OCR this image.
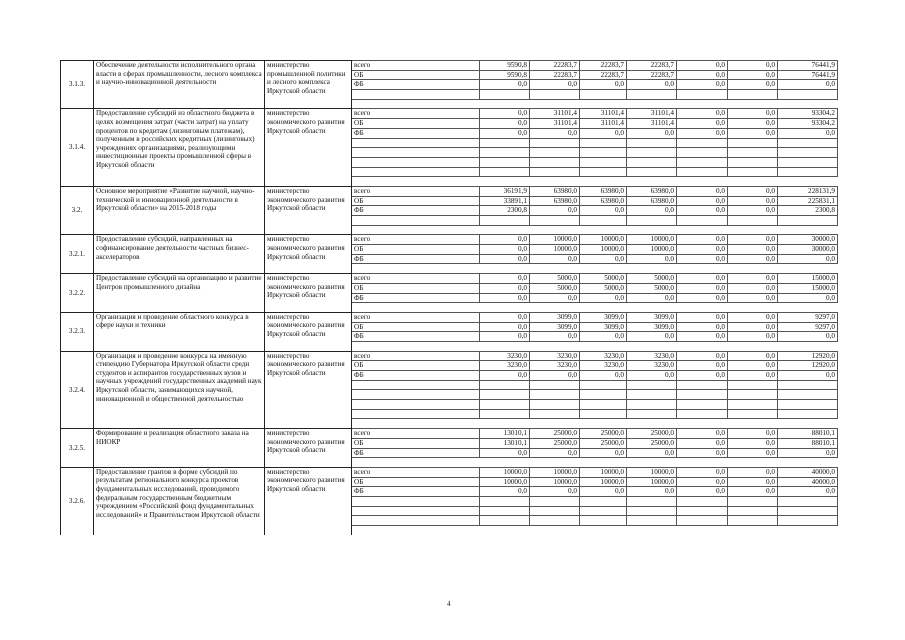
3.1.3.	Обеспечение деятельности исполнительного органа власти в сферах промышленности, лесного комплекса и научно-инновационной деятельности	министерство промышленной политики и лесного комплекса Иркутской области	всего	9590,8	22283,7	22283,7	22283,7	0,0	0,0	76441,9
			ОБ	9590,8	22283,7	22283,7	22283,7	0,0	0,0	76441,9
			ФБ	0,0	0,0	0,0	0,0	0,0	0,0	0,0

3.1.4.	Предоставление субсидий из областного бюджета в целях возмещения затрат (части затрат) на уплату процентов по кредитам (лизинговым платежам), полученным в российских кредитных (лизинговых) учреждениях организациями, реализующими инвестиционные проекты промышленной сферы в Иркутской области	министерство экономического развития Иркутской области	всего	0,0	31101,4	31101,4	31101,4	0,0	0,0	93304,2
			ОБ	0,0	31101,4	31101,4	31101,4	0,0	0,0	93304,2
			ФБ	0,0	0,0	0,0	0,0	0,0	0,0	0,0

3.2.	Основное мероприятие «Развитие научной, научно-технической и инновационной деятельности в Иркутской области» на 2015-2018 годы	министерство экономического развития Иркутской области	всего	36191,9	63980,0	63980,0	63980,0	0,0	0,0	228131,9
			ОБ	33891,1	63980,0	63980,0	63980,0	0,0	0,0	225831,1
			ФБ	2300,8	0,0	0,0	0,0	0,0	0,0	2300,8

3.2.1.	Предоставление субсидий, направленных на софинансирование деятельности частных бизнес-акселераторов	министерство экономического развития Иркутской области	всего	0,0	10000,0	10000,0	10000,0	0,0	0,0	30000,0
			ОБ	0,0	10000,0	10000,0	10000,0	0,0	0,0	30000,0
			ФБ	0,0	0,0	0,0	0,0	0,0	0,0	0,0

3.2.2.	Предоставление субсидий на организацию и развитие Центров промышленного дизайна	министерство экономического развития Иркутской области	всего	0,0	5000,0	5000,0	5000,0	0,0	0,0	15000,0
			ОБ	0,0	5000,0	5000,0	5000,0	0,0	0,0	15000,0
			ФБ	0,0	0,0	0,0	0,0	0,0	0,0	0,0

3.2.3.	Организация и проведение областного конкурса в сфере науки и техники	министерство экономического развития Иркутской области	всего	0,0	3099,0	3099,0	3099,0	0,0	0,0	9297,0
			ОБ	0,0	3099,0	3099,0	3099,0	0,0	0,0	9297,0
			ФБ	0,0	0,0	0,0	0,0	0,0	0,0	0,0

3.2.4.	Организация и проведение конкурса на именную стипендию Губернатора Иркутской области среди студентов и аспирантов государственных вузов и научных учреждений государственных академий наук Иркутской области, занимающихся научной, инновационной и общественной деятельностью	министерство экономического развития Иркутской области	всего	3230,0	3230,0	3230,0	3230,0	0,0	0,0	12920,0
			ОБ	3230,0	3230,0	3230,0	3230,0	0,0	0,0	12920,0
			ФБ	0,0	0,0	0,0	0,0	0,0	0,0	0,0

3.2.5.	Формирование и реализация областного заказа на НИОКР	министерство экономического развития Иркутской области	всего	13010,1	25000,0	25000,0	25000,0	0,0	0,0	88010,1
			ОБ	13010,1	25000,0	25000,0	25000,0	0,0	0,0	88010,1
			ФБ	0,0	0,0	0,0	0,0	0,0	0,0	0,0

3.2.6.	Предоставление грантов в форме субсидий по результатам регионального конкурса проектов фундаментальных исследований, проводимого федеральным государственным бюджетным учреждением «Российский фонд фундаментальных исследований» и Правительством Иркутской области	министерство экономического развития Иркутской области	всего	10000,0	10000,0	10000,0	10000,0	0,0	0,0	40000,0
			ОБ	10000,0	10000,0	10000,0	10000,0	0,0	0,0	40000,0
			ФБ	0,0	0,0	0,0	0,0	0,0	0,0	0,0

4
